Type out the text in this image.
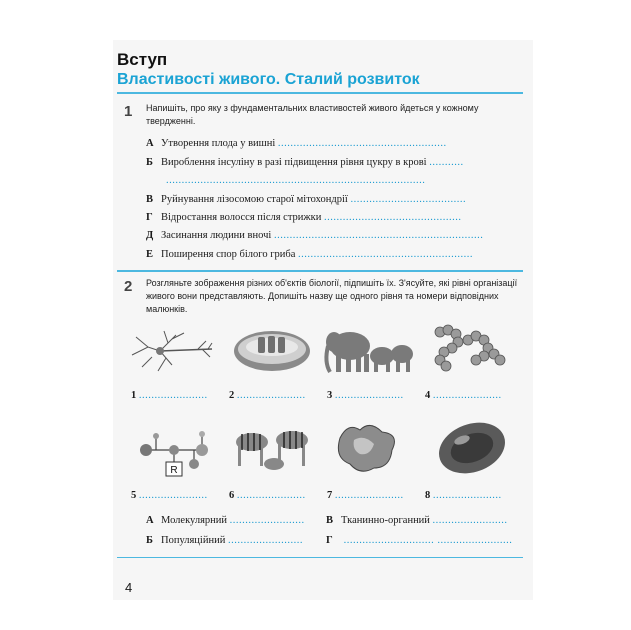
Вступ
Властивості живого. Сталий розвиток
1 Напишіть, про яку з фундаментальних властивостей живого йдеться у кожному твердженні.
А Утворення плода у вишні ......................................................
Б Вироблення інсуліну в разі підвищення рівня цукру в крові ...........
...................................................................................
В Руйнування лізосомою старої мітохондрії .....................................
Г Відростання волосся після стрижки ............................................
Д Засинання людини вночі ...................................................................
Е Поширення спор білого гриба ........................................................
2 Розгляньте зображення різних об'єктів біології, підпишіть їх. З'ясуйте, які рівні організації живого вони представляють. Допишіть назву ще одного рівня та номери відповідних малюнків.
1 ...................... 2 ...................... 3 ...................... 4 ......................
R
5 ...................... 6 ...................... 7 ...................... 8 ......................
А Молекулярний ........................
Б Популяційний ........................
В Тканинно-органний ........................
Г ............................. ........................
4
